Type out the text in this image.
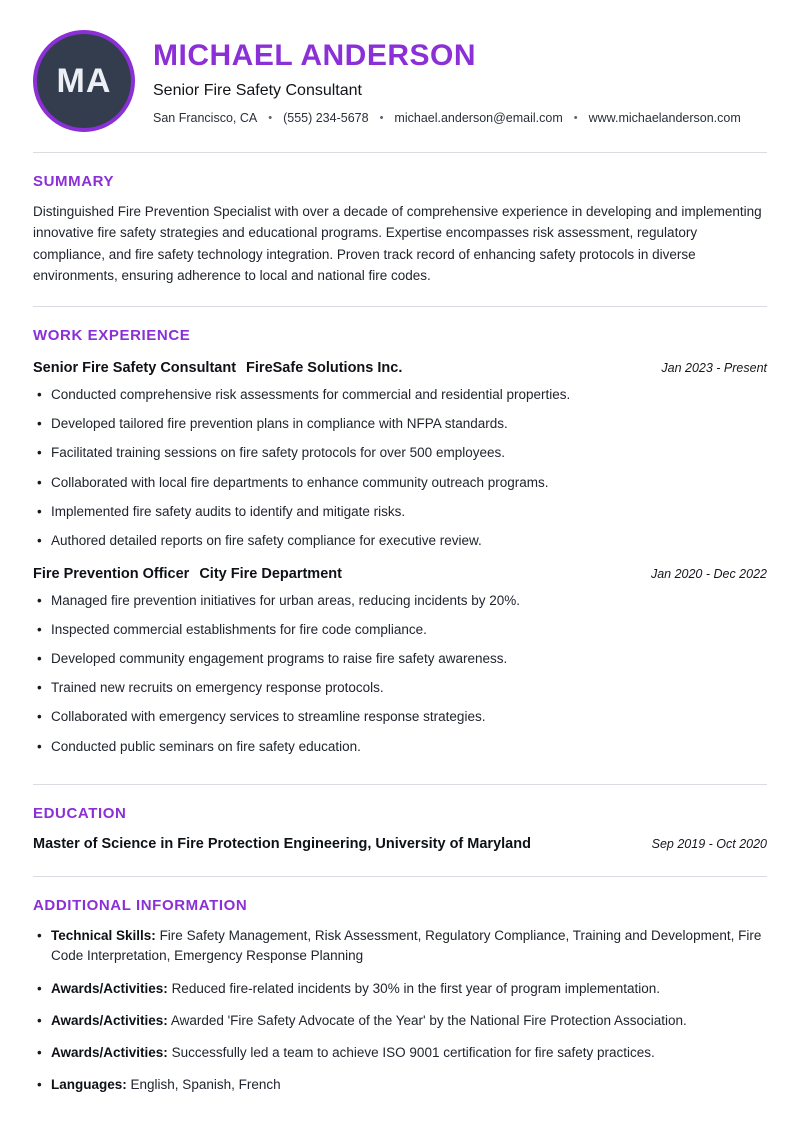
MA
MICHAEL ANDERSON
Senior Fire Safety Consultant
San Francisco, CA • (555) 234-5678 • michael.anderson@email.com • www.michaelanderson.com
SUMMARY

Distinguished Fire Prevention Specialist with over a decade of comprehensive experience in developing and implementing innovative fire safety strategies and educational programs. Expertise encompasses risk assessment, regulatory compliance, and fire safety technology integration. Proven track record of enhancing safety protocols in diverse environments, ensuring adherence to local and national fire codes.

WORK EXPERIENCE
Senior Fire Safety Consultant FireSafe Solutions Inc.	Jan 2023 - Present
• Conducted comprehensive risk assessments for commercial and residential properties.
• Developed tailored fire prevention plans in compliance with NFPA standards.
• Facilitated training sessions on fire safety protocols for over 500 employees.
• Collaborated with local fire departments to enhance community outreach programs.
• Implemented fire safety audits to identify and mitigate risks.
• Authored detailed reports on fire safety compliance for executive review.
Fire Prevention Officer City Fire Department	Jan 2020 - Dec 2022
• Managed fire prevention initiatives for urban areas, reducing incidents by 20%.
• Inspected commercial establishments for fire code compliance.
• Developed community engagement programs to raise fire safety awareness.
• Trained new recruits on emergency response protocols.
• Collaborated with emergency services to streamline response strategies.
• Conducted public seminars on fire safety education.
EDUCATION
Master of Science in Fire Protection Engineering, University of Maryland	Sep 2019 - Oct 2020
ADDITIONAL INFORMATION
• Technical Skills: Fire Safety Management, Risk Assessment, Regulatory Compliance, Training and Development, Fire Code Interpretation, Emergency Response Planning
• Awards/Activities: Reduced fire-related incidents by 30% in the first year of program implementation.
• Awards/Activities: Awarded 'Fire Safety Advocate of the Year' by the National Fire Protection Association.
• Awards/Activities: Successfully led a team to achieve ISO 9001 certification for fire safety practices.
• Languages: English, Spanish, French
